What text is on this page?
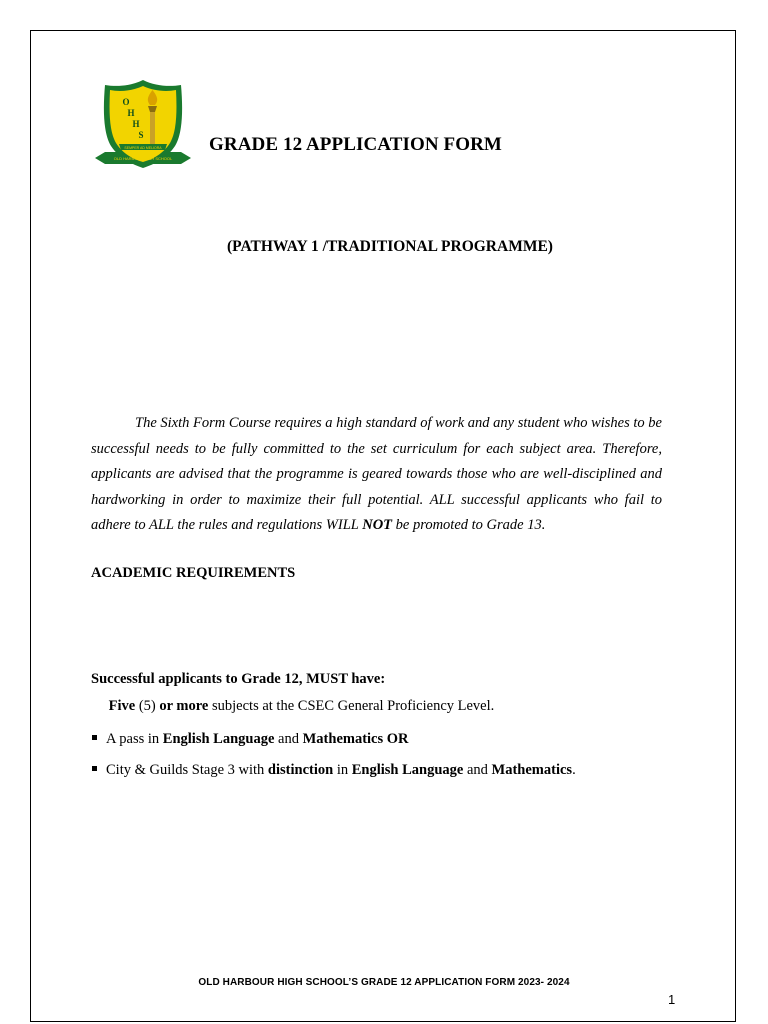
O
H
H
S
SEMPER AD MELIORA
OLD HARBOUR HIGH SCHOOL
GRADE 12 APPLICATION FORM
(PATHWAY 1 /TRADITIONAL PROGRAMME)
The Sixth Form Course requires a high standard of work and any student who wishes to be successful needs to be fully committed to the set curriculum for each subject area. Therefore, applicants are advised that the programme is geared towards those who are well-disciplined and hardworking in order to maximize their full potential. ALL successful applicants who fail to adhere to ALL the rules and regulations WILL NOT be promoted to Grade 13.
ACADEMIC REQUIREMENTS
Successful applicants to Grade 12, MUST have:
Five (5) or more subjects at the CSEC General Proficiency Level.
A pass in English Language and Mathematics OR
City & Guilds Stage 3 with distinction in English Language and Mathematics.
OLD HARBOUR HIGH SCHOOL’S GRADE 12 APPLICATION FORM 2023- 2024
1
